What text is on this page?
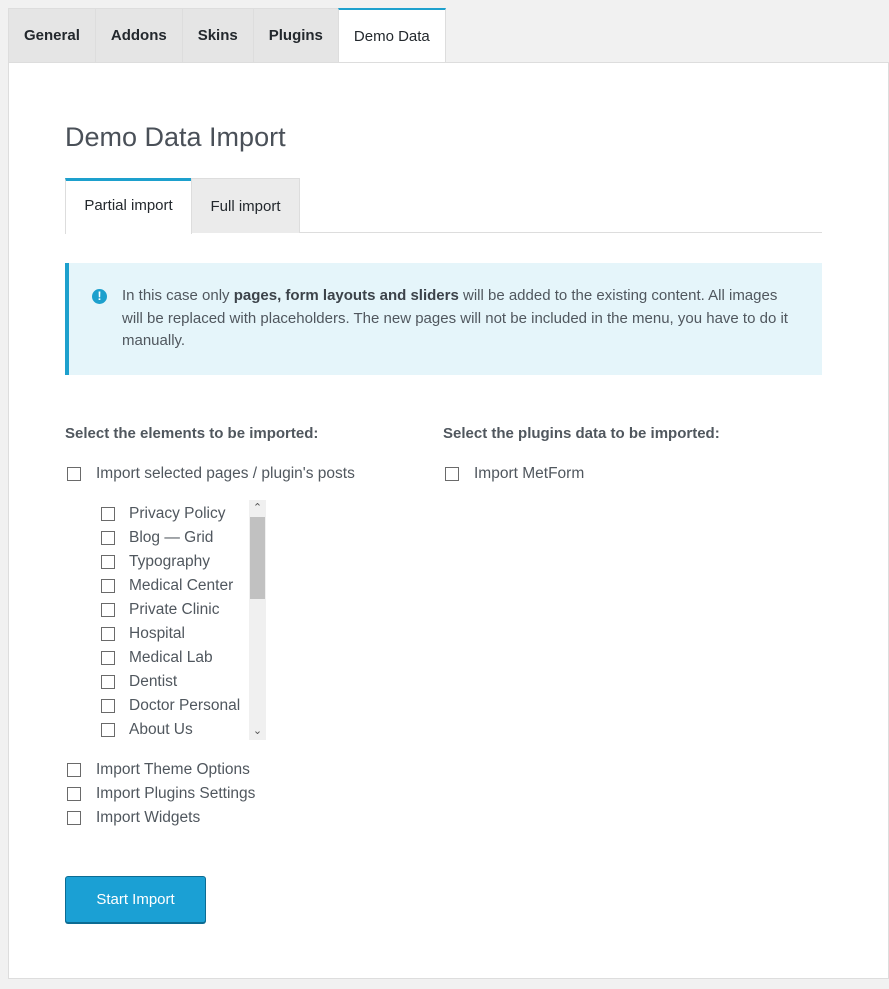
General	Addons	Skins	Plugins	Demo Data
Demo Data Import
Partial import	Full import
!	In this case only pages, form layouts and sliders will be added to the existing content. All images will be replaced with placeholders. The new pages will not be included in the menu, you have to do it manually.
Select the elements to be imported:	Select the plugins data to be imported:
Import selected pages / plugin's posts	Import MetForm
Privacy Policy
Blog — Grid
Typography
Medical Center
Private Clinic
Hospital
Medical Lab
Dentist
Doctor Personal
About Us
⌃
⌄
Import Theme Options
Import Plugins Settings
Import Widgets
Start Import
